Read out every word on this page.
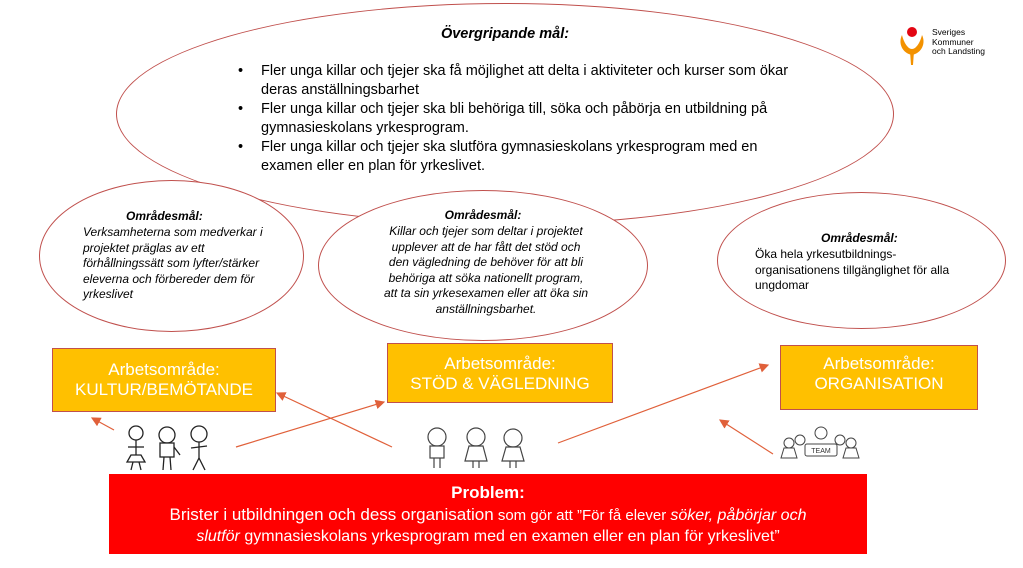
Sveriges
Kommuner
och Landsting
Övergripande mål:
• Fler unga killar och tjejer ska få möjlighet att delta i aktiviteter och kurser som ökar deras anställningsbarhet
• Fler unga killar och tjejer ska bli behöriga till, söka och påbörja en utbildning på gymnasieskolans yrkesprogram.
• Fler unga killar och tjejer ska slutföra gymnasieskolans yrkesprogram med en examen eller en plan för yrkeslivet.
Områdesmål:
Verksamheterna som medverkar i projektet präglas av ett förhållningssätt som lyfter/stärker eleverna och förbereder dem för yrkeslivet
Områdesmål:
Killar och tjejer som deltar i projektet upplever att de har fått det stöd och den vägledning de behöver för att bli behöriga att söka nationellt program, att ta sin yrkesexamen eller att öka sin anställningsbarhet.
Områdesmål:
Öka hela yrkesutbildnings-organisationens tillgänglighet för alla ungdomar
Arbetsområde:
KULTUR/BEMÖTANDE
Arbetsområde:
STÖD & VÄGLEDNING
Arbetsområde:
ORGANISATION
TEAM
Problem:
Brister i utbildningen och dess organisation som gör att ”För få elever söker, påbörjar och
slutför gymnasieskolans yrkesprogram med en examen eller en plan för yrkeslivet”
